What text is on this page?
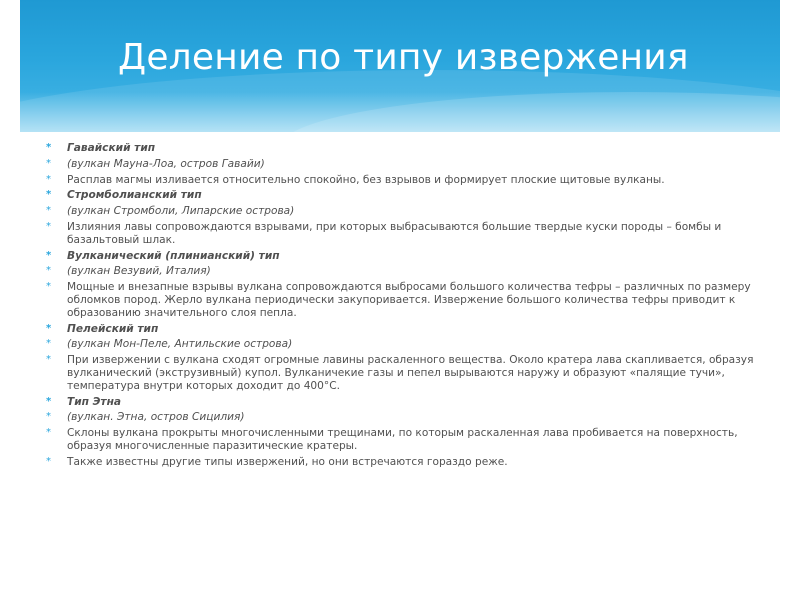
Деление по типу извержения
* Гавайский тип
* (вулкан Мауна-Лоа, остров Гавайи)
* Расплав магмы изливается относительно спокойно, без взрывов и формирует плоские щитовые вулканы.
* Стромболианский тип
* (вулкан Стромболи, Липарские острова)
* Излияния лавы сопровождаются взрывами, при которых выбрасываются большие твердые куски породы – бомбы и базальтовый шлак.
* Вулканический (плинианский) тип
* (вулкан Везувий, Италия)
* Мощные и внезапные взрывы вулкана сопровождаются выбросами большого количества тефры – различных по размеру обломков пород. Жерло вулкана периодически закупоривается. Извержение большого количества тефры приводит к образованию значительного слоя пепла.
* Пелейский тип
* (вулкан Мон-Пеле, Антильские острова)
* При извержении с вулкана сходят огромные лавины раскаленного вещества. Около кратера лава скапливается, образуя вулканический (экструзивный) купол. Вулканичекие газы и пепел вырываются наружу и образуют «палящие тучи», температура внутри которых доходит до 400°С.
* Тип Этна
* (вулкан. Этна, остров Сицилия)
* Склоны вулкана прокрыты многочисленными трещинами, по которым раскаленная лава пробивается на поверхность, образуя многочисленные паразитические кратеры.
* Также известны другие типы извержений, но они встречаются гораздо реже.
